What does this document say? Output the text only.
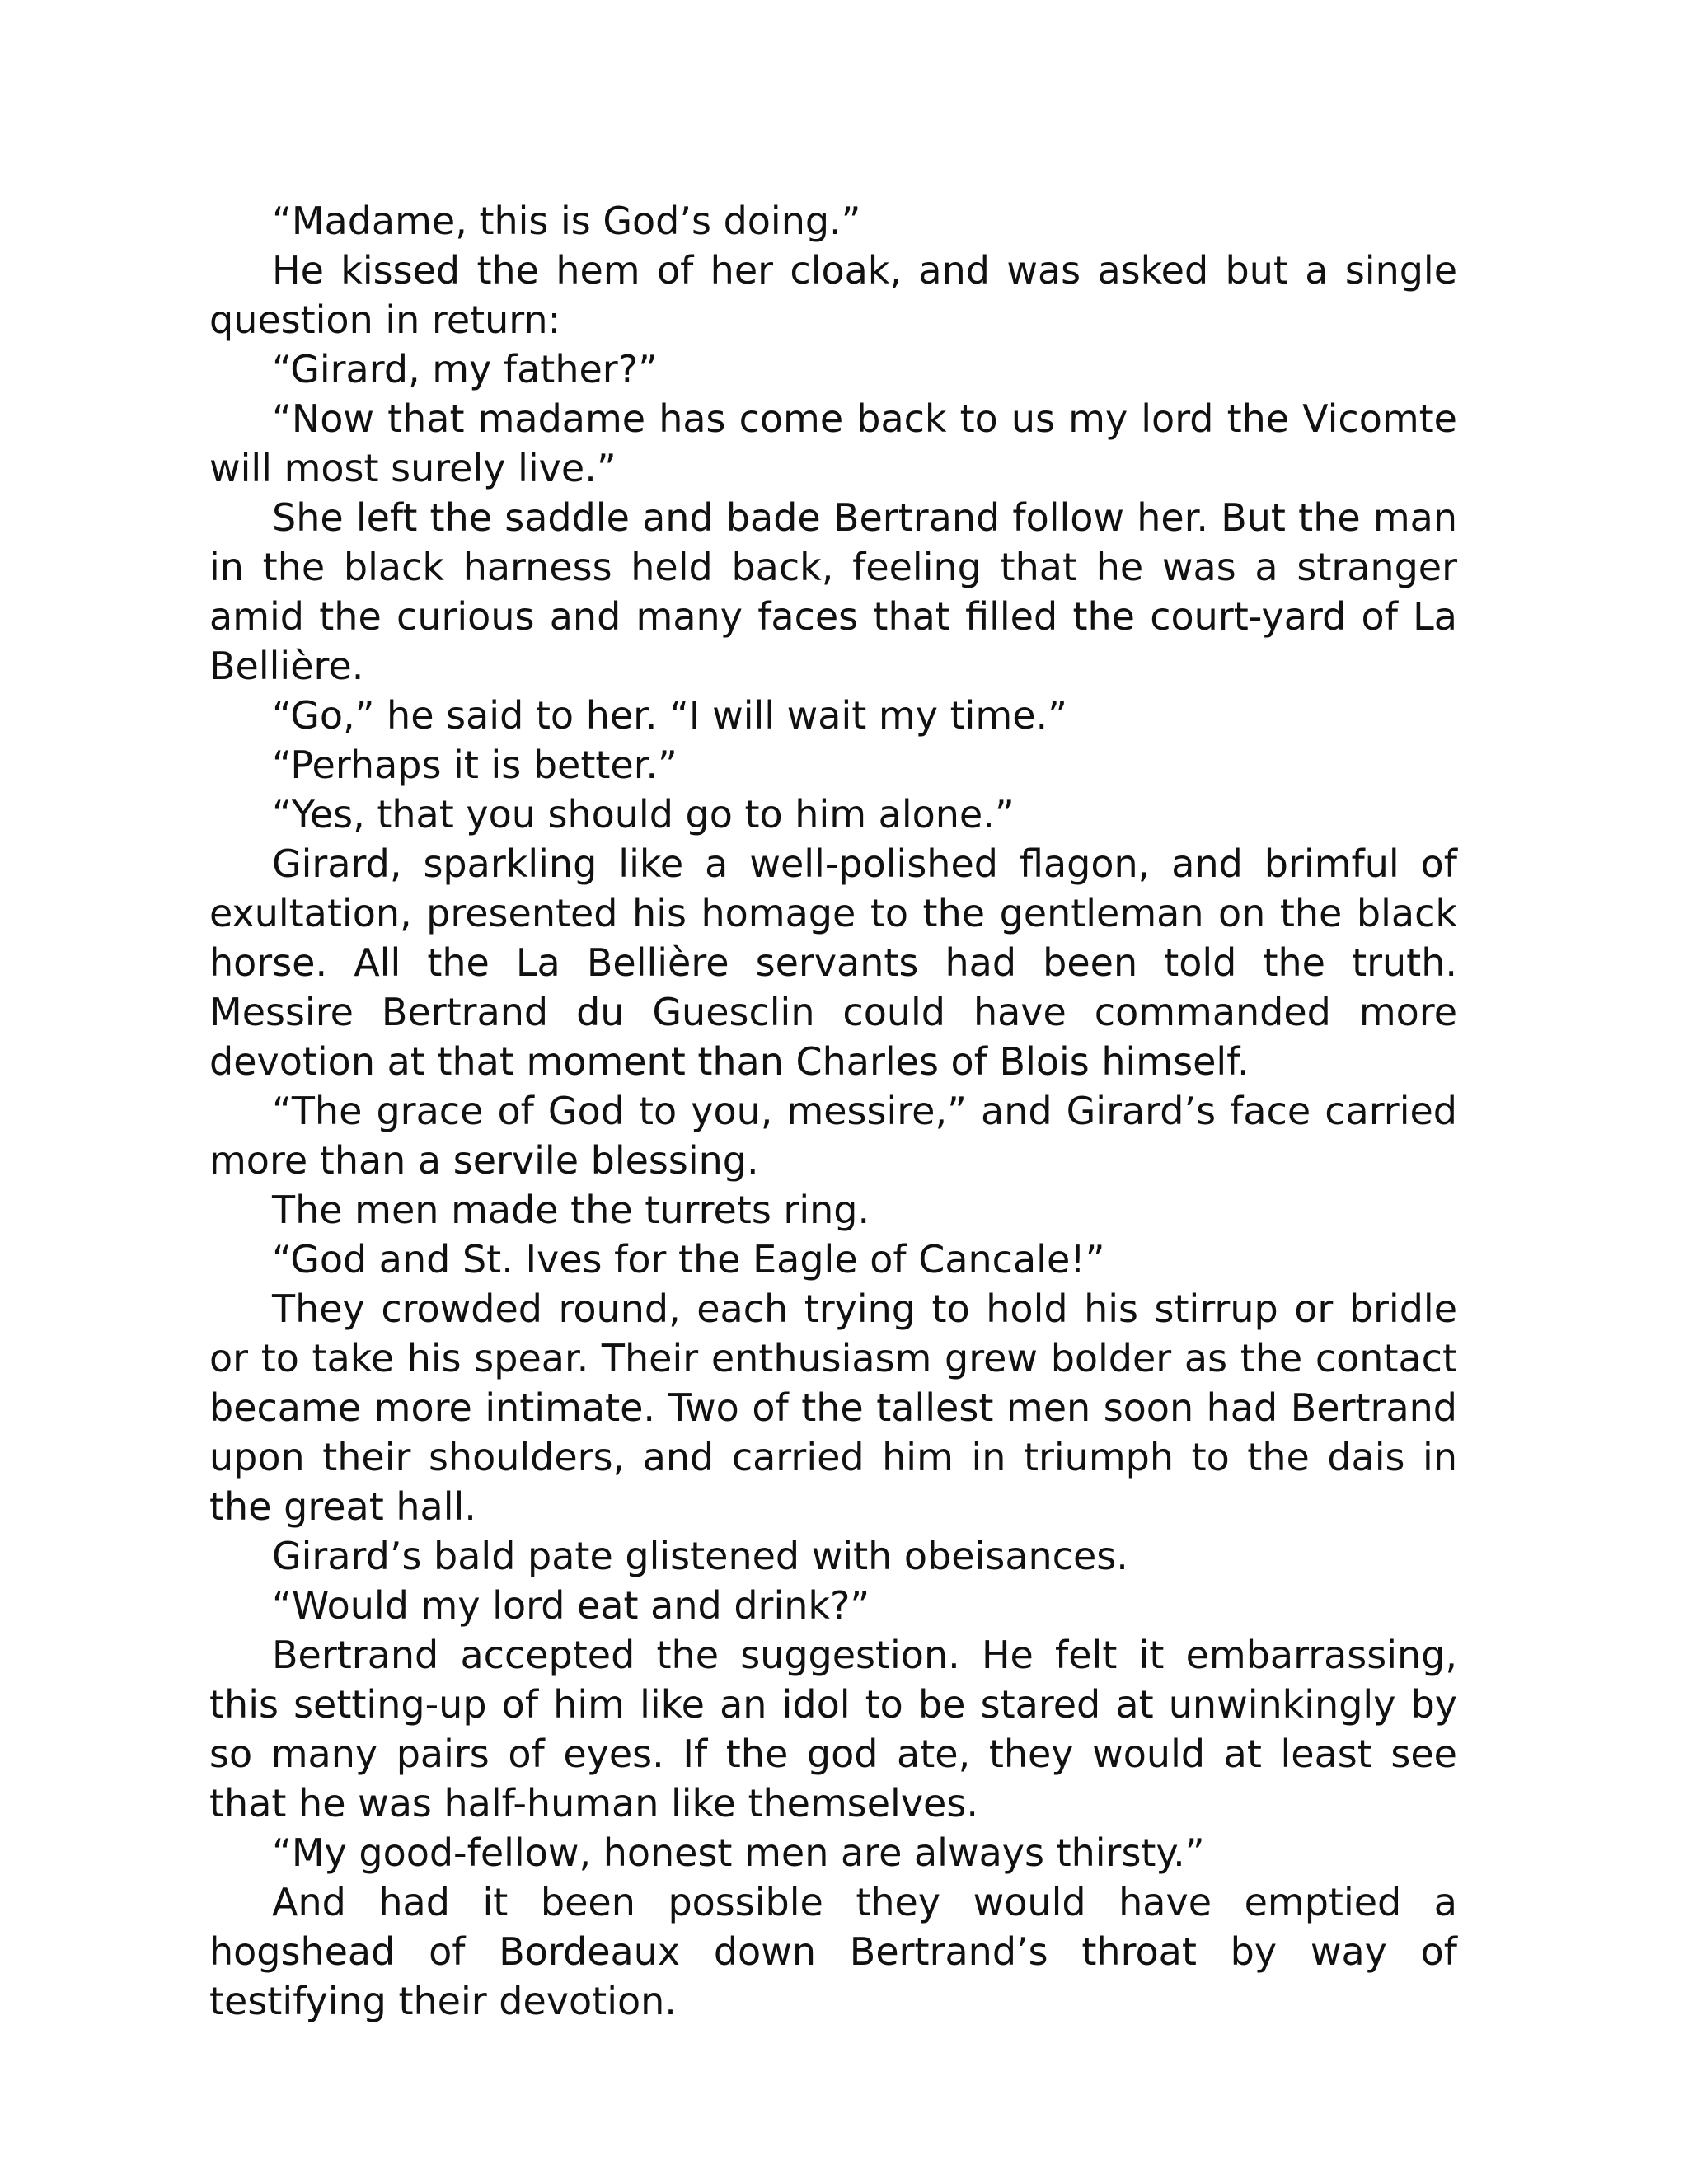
“Madame, this is God’s doing.”

He kissed the hem of her cloak, and was asked but a single question in return:

“Girard, my father?”

“Now that madame has come back to us my lord the Vicomte will most surely live.”

She left the saddle and bade Bertrand follow her. But the man in the black harness held back, feeling that he was a stranger amid the curious and many faces that filled the court-yard of La Bellière.

“Go,” he said to her. “I will wait my time.”

“Perhaps it is better.”

“Yes, that you should go to him alone.”

Girard, sparkling like a well-polished flagon, and brimful of exultation, presented his homage to the gentleman on the black horse. All the La Bellière servants had been told the truth. Messire Bertrand du Guesclin could have commanded more devotion at that moment than Charles of Blois himself.

“The grace of God to you, messire,” and Girard’s face carried more than a servile blessing.

The men made the turrets ring.

“God and St. Ives for the Eagle of Cancale!”

They crowded round, each trying to hold his stirrup or bridle or to take his spear. Their enthusiasm grew bolder as the contact became more intimate. Two of the tallest men soon had Bertrand upon their shoulders, and carried him in triumph to the dais in the great hall.

Girard’s bald pate glistened with obeisances.

“Would my lord eat and drink?”

Bertrand accepted the suggestion. He felt it embarrassing, this setting-up of him like an idol to be stared at unwinkingly by so many pairs of eyes. If the god ate, they would at least see that he was half-human like themselves.

“My good-fellow, honest men are always thirsty.”

And had it been possible they would have emptied a hogshead of Bordeaux down Bertrand’s throat by way of testifying their devotion.
